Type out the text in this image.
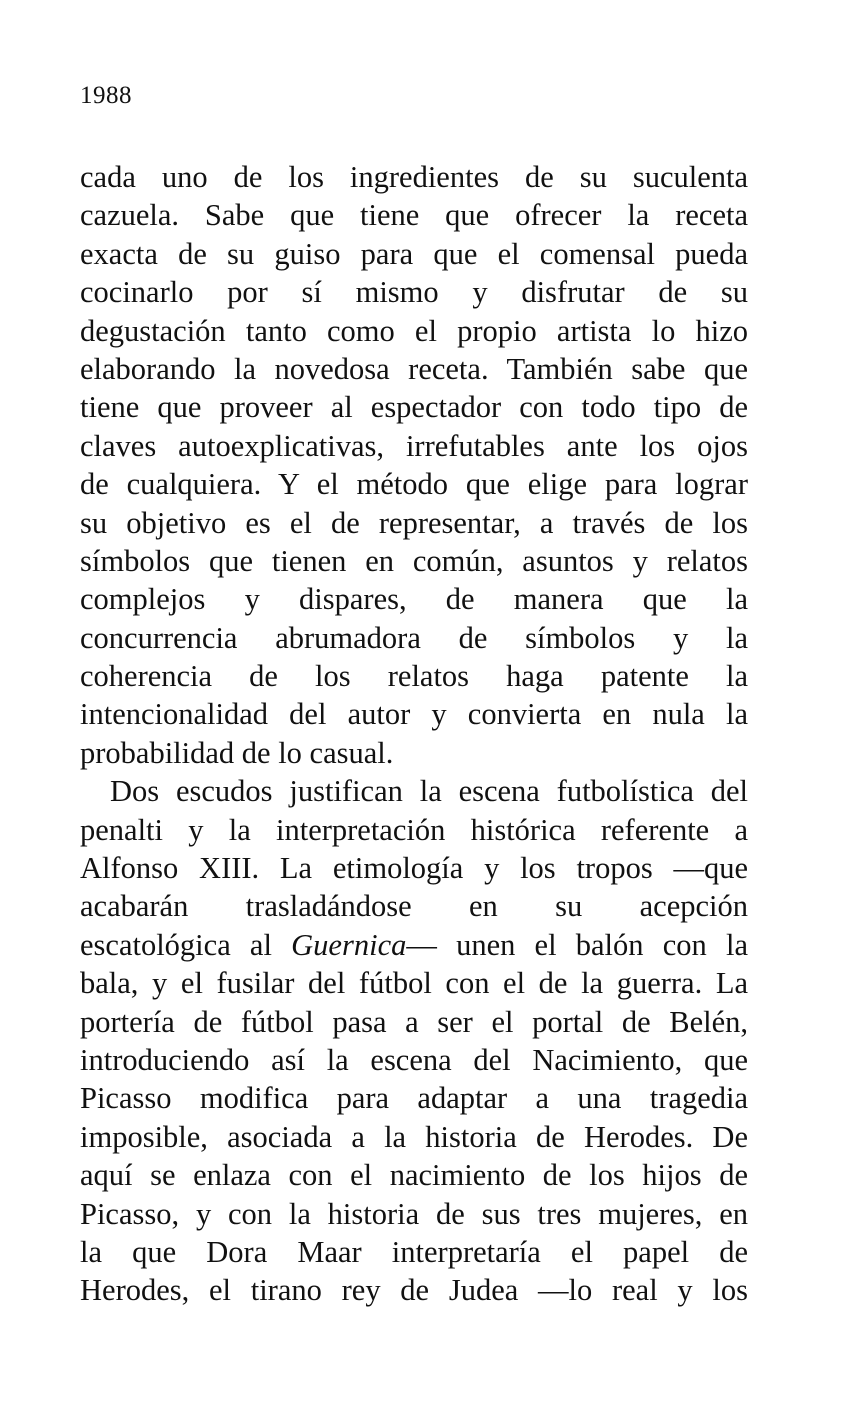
1988
cada uno de los ingredientes de su suculenta
cazuela. Sabe que tiene que ofrecer la receta
exacta de su guiso para que el comensal pueda
cocinarlo por sí mismo y disfrutar de su
degustación tanto como el propio artista lo hizo
elaborando la novedosa receta. También sabe que
tiene que proveer al espectador con todo tipo de
claves autoexplicativas, irrefutables ante los ojos
de cualquiera. Y el método que elige para lograr
su objetivo es el de representar, a través de los
símbolos que tienen en común, asuntos y relatos
complejos y dispares, de manera que la
concurrencia abrumadora de símbolos y la
coherencia de los relatos haga patente la
intencionalidad del autor y convierta en nula la
probabilidad de lo casual.
Dos escudos justifican la escena futbolística del
penalti y la interpretación histórica referente a
Alfonso XIII. La etimología y los tropos —que
acabarán trasladándose en su acepción
escatológica al Guernica— unen el balón con la
bala, y el fusilar del fútbol con el de la guerra. La
portería de fútbol pasa a ser el portal de Belén,
introduciendo así la escena del Nacimiento, que
Picasso modifica para adaptar a una tragedia
imposible, asociada a la historia de Herodes. De
aquí se enlaza con el nacimiento de los hijos de
Picasso, y con la historia de sus tres mujeres, en
la que Dora Maar interpretaría el papel de
Herodes, el tirano rey de Judea —lo real y los
